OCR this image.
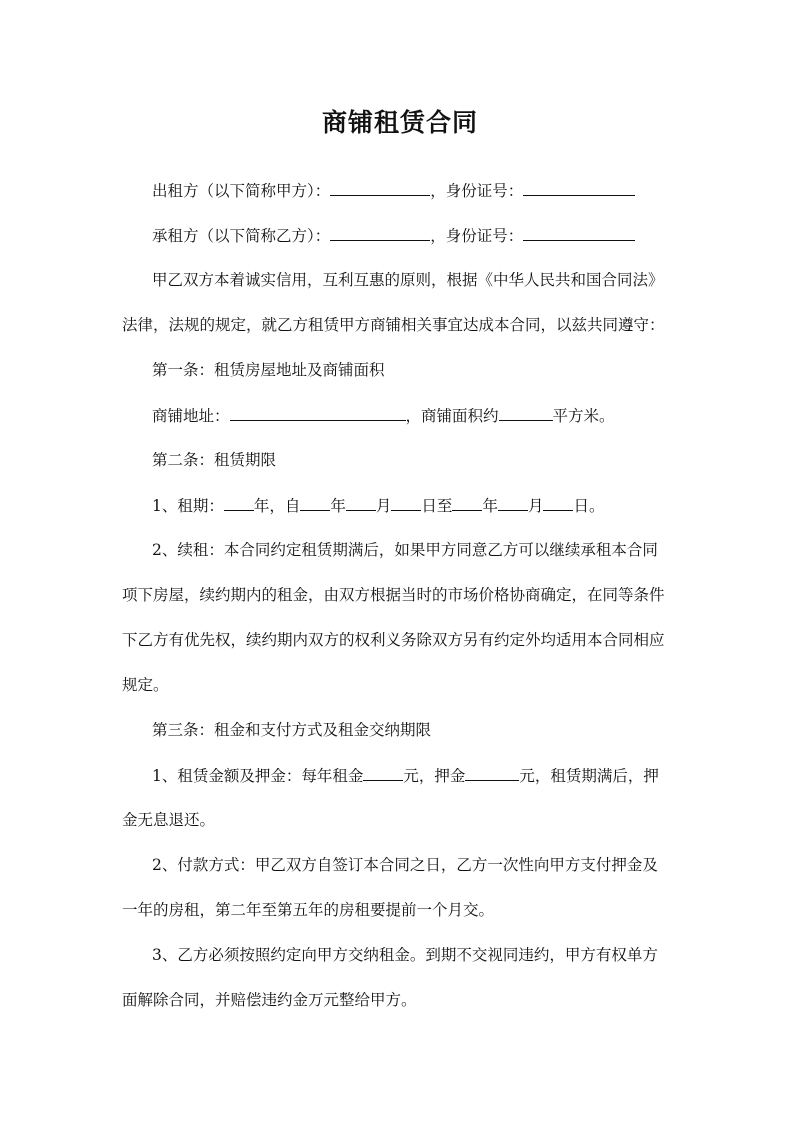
商铺租赁合同
出租方（以下简称甲方）：	，身份证号：
承租方（以下简称乙方）：	，身份证号：
甲乙双方本着诚实信用，互利互惠的原则，根据《中华人民共和国合同法》
法律，法规的规定，就乙方租赁甲方商铺相关事宜达成本合同，以兹共同遵守：
第一条：租赁房屋地址及商铺面积
商铺地址：	，商铺面积约	平方米。
第二条：租赁期限
1、租期： 年，自 年 月 日至 年 月 日。
2、续租：本合同约定租赁期满后，如果甲方同意乙方可以继续承租本合同
项下房屋，续约期内的租金，由双方根据当时的市场价格协商确定，在同等条件
下乙方有优先权，续约期内双方的权利义务除双方另有约定外均适用本合同相应
规定。
第三条：租金和支付方式及租金交纳期限
1、租赁金额及押金：每年租金	元，押金	元，租赁期满后，押
金无息退还。
2、付款方式：甲乙双方自签订本合同之日，乙方一次性向甲方支付押金及
一年的房租，第二年至第五年的房租要提前一个月交。
3、乙方必须按照约定向甲方交纳租金。到期不交视同违约，甲方有权单方
面解除合同，并赔偿违约金万元整给甲方。
